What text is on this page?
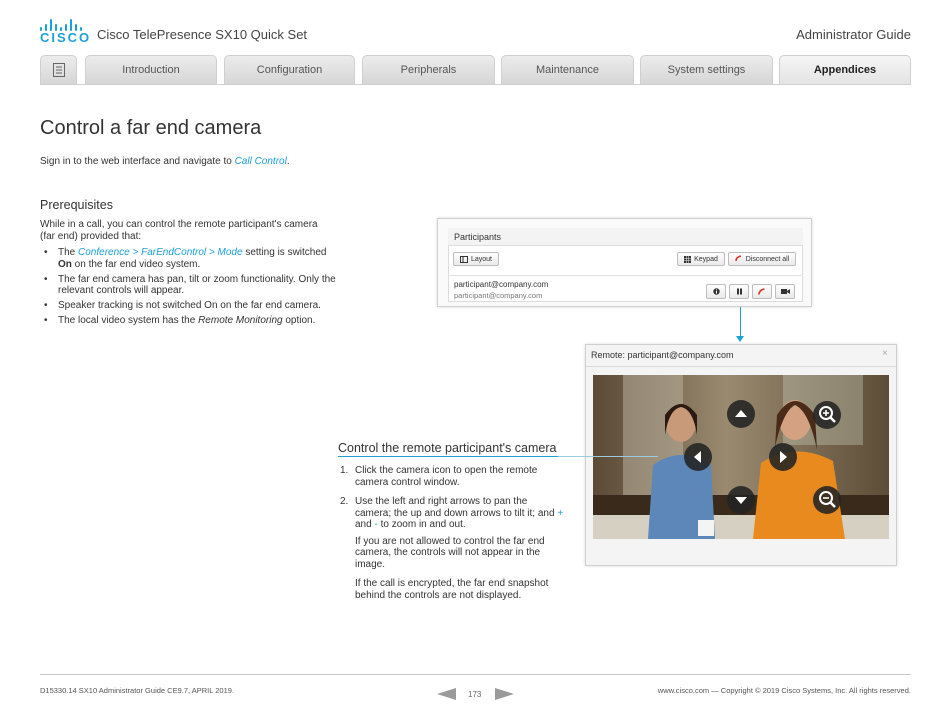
CISCO Cisco TelePresence SX10 Quick Set	Administrator Guide
Introduction	Configuration	Peripherals	Maintenance	System settings	Appendices
Control a far end camera
Sign in to the web interface and navigate to Call Control.
Prerequisites
While in a call, you can control the remote participant's camera (far end) provided that:
• The Conference > FarEndControl > Mode setting is switched On on the far end video system.
• The far end camera has pan, tilt or zoom functionality. Only the relevant controls will appear.
• Speaker tracking is not switched On on the far end camera.
• The local video system has the Remote Monitoring option.
Participants
Layout	Keypad	Disconnect all
participant@company.com
participant@company.com
Remote: participant@company.com	×
Control the remote participant's camera
1. Click the camera icon to open the remote camera control window.
2. Use the left and right arrows to pan the camera; the up and down arrows to tilt it; and + and - to zoom in and out.
If you are not allowed to control the far end camera, the controls will not appear in the image.
If the call is encrypted, the far end snapshot behind the controls are not displayed.
D15330.14 SX10 Administrator Guide CE9.7, APRIL 2019.	173	www.cisco.com — Copyright © 2019 Cisco Systems, Inc. All rights reserved.
